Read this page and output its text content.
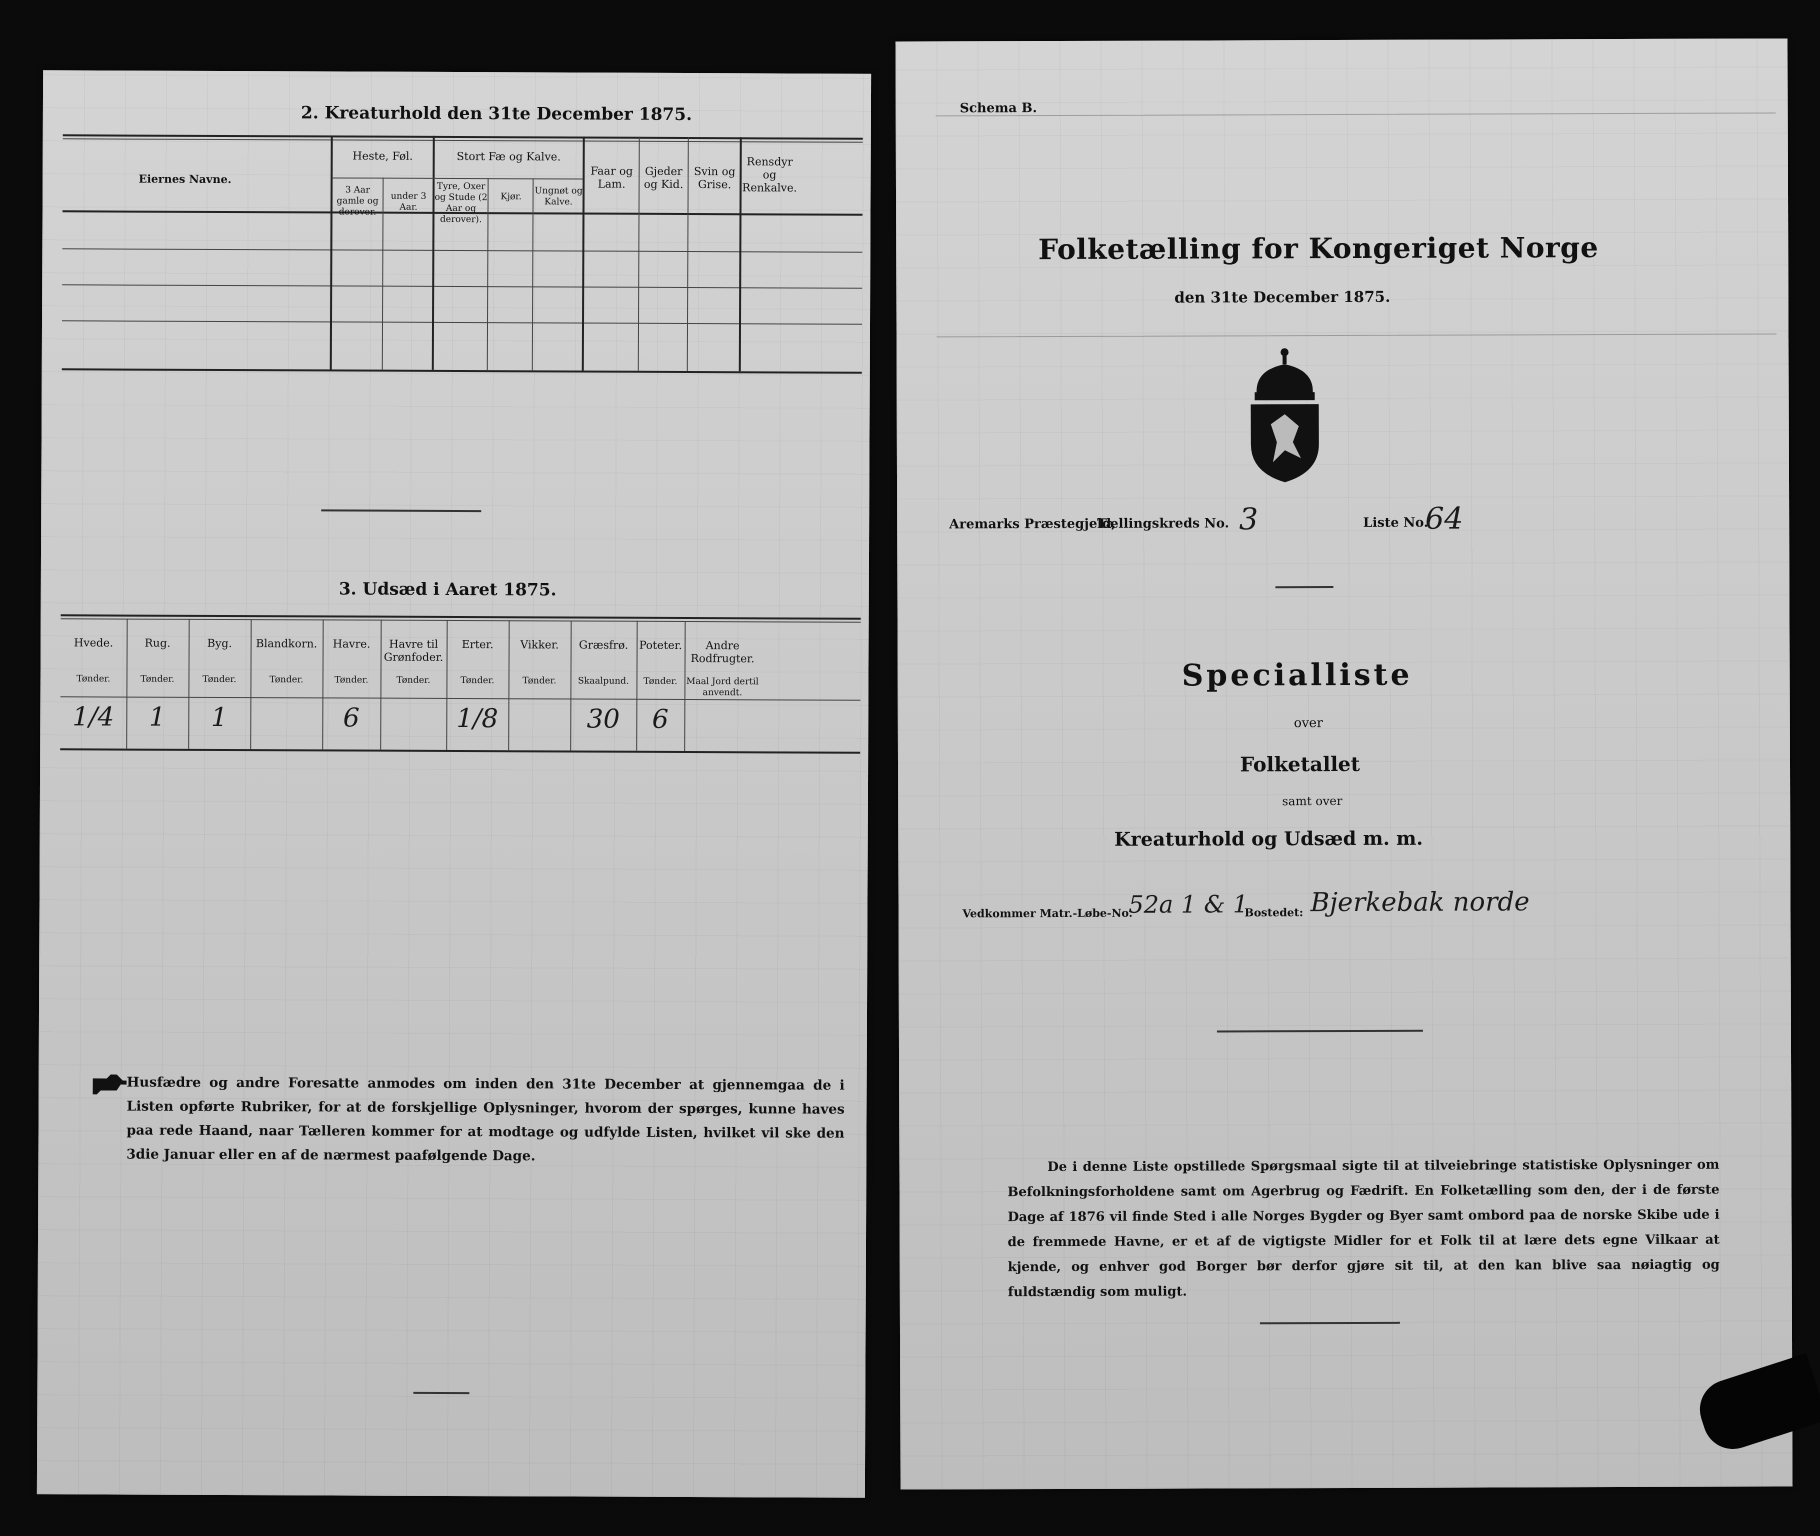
2. Kreaturhold den 31te December 1875.
Eiernes Navne.
Heste, Føl.
3 Aar gamle og derover.
under 3 Aar.
Stort Fæ og Kalve.
Tyre, Oxer og Stude (2 Aar og derover).
Kjør.
Ungnøt og Kalve.
Faar og Lam.
Gjeder og Kid.
Svin og Grise.
Rensdyr og Renkalve.
3. Udsæd i Aaret 1875.
Hvede.
Tønder.
1/4
Rug.
Tønder.
1
Byg.
Tønder.
1
Blandkorn.
Tønder.
Havre.
Tønder.
6
Havre til Grønfoder.
Tønder.
Erter.
Tønder.
1/8
Vikker.
Tønder.
Græsfrø.
Skaalpund.
30
Poteter.
Tønder.
6
Andre Rodfrugter.
Maal Jord dertil anvendt.
Husfædre og andre Foresatte anmodes om inden den 31te December at gjennemgaa de i Listen opførte Rubriker, for at de forskjellige Oplysninger, hvorom der spørges, kunne haves paa rede Haand, naar Tælleren kommer for at modtage og udfylde Listen, hvilket vil ske den 3die Januar eller en af de nærmest paafølgende Dage.
Schema B.
Folketælling for Kongeriget Norge
den 31te December 1875.
Aremarks Præstegjeld,
Tællingskreds No. 3	Liste No.
64
Specialliste
over
Folketallet
samt over
Kreaturhold og Udsæd m. m.
Vedkommer Matr.-Løbe-No.
52a 1 & 1
Bostedet: Bjerkebak norde
De i denne Liste opstillede Spørgsmaal sigte til at tilveiebringe statistiske Oplysninger om Befolkningsforholdene samt om Agerbrug og Fædrift. En Folketælling som den, der i de første Dage af 1876 vil finde Sted i alle Norges Bygder og Byer samt ombord paa de norske Skibe ude i de fremmede Havne, er et af de vigtigste Midler for et Folk til at lære dets egne Vilkaar at kjende, og enhver god Borger bør derfor gjøre sit til, at den kan blive saa nøiagtig og fuldstændig som muligt.
